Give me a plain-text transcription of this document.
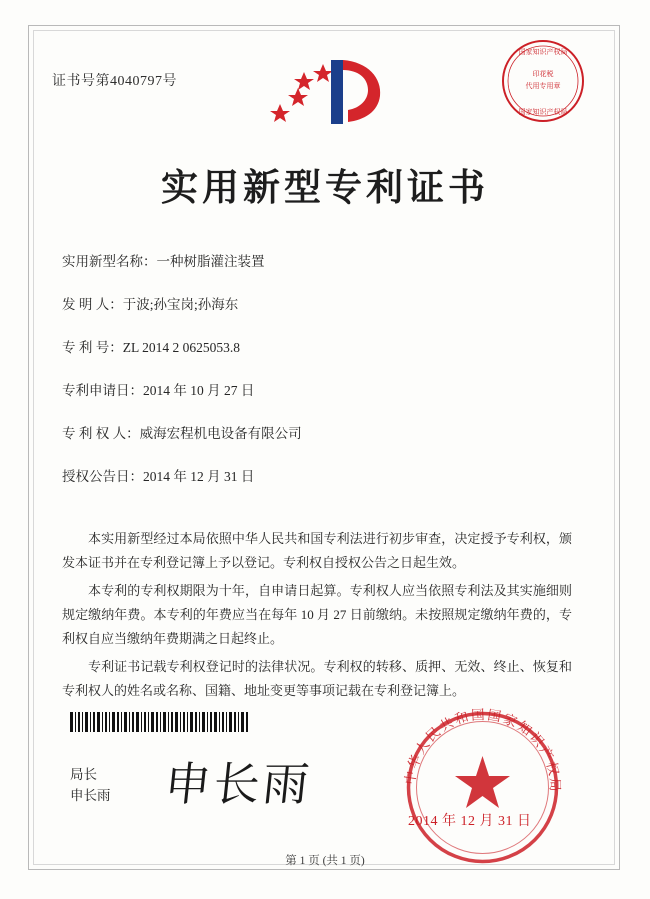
证书号第4040797号
国家知识产权局
印花税
代用专用章
国家知识产权局
实用新型专利证书
实用新型名称：一种树脂灌注装置
发 明 人：于波;孙宝岗;孙海东
专 利 号：ZL 2014 2 0625053.8
专利申请日：2014 年 10 月 27 日
专 利 权 人：威海宏程机电设备有限公司
授权公告日：2014 年 12 月 31 日
本实用新型经过本局依照中华人民共和国专利法进行初步审查，决定授予专利权，颁发本证书并在专利登记簿上予以登记。专利权自授权公告之日起生效。
本专利的专利权期限为十年，自申请日起算。专利权人应当依照专利法及其实施细则规定缴纳年费。本专利的年费应当在每年 10 月 27 日前缴纳。未按照规定缴纳年费的，专利权自应当缴纳年费期满之日起终止。
专利证书记载专利权登记时的法律状况。专利权的转移、质押、无效、终止、恢复和专利权人的姓名或名称、国籍、地址变更等事项记载在专利登记簿上。
局长
申长雨 申长雨	中华人民共和国国家知识产权局
2014 年 12 月 31 日
第 1 页 (共 1 页)
